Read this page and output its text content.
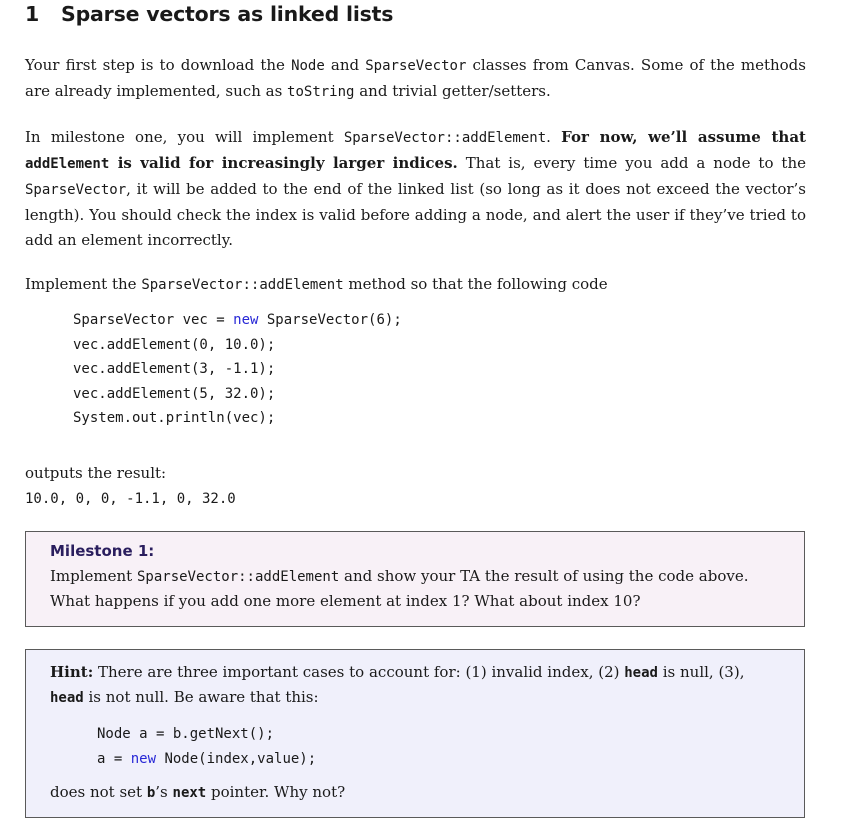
1 Sparse vectors as linked lists
Your first step is to download the Node and SparseVector classes from Canvas. Some of the methods are already implemented, such as toString and trivial getter/setters.
In milestone one, you will implement SparseVector::addElement. For now, we’ll assume that addElement is valid for increasingly larger indices. That is, every time you add a node to the SparseVector, it will be added to the end of the linked list (so long as it does not exceed the vector’s length). You should check the index is valid before adding a node, and alert the user if they’ve tried to add an element incorrectly.
Implement the SparseVector::addElement method so that the following code
SparseVector vec = new SparseVector(6);
vec.addElement(0, 10.0);
vec.addElement(3, -1.1);
vec.addElement(5, 32.0);
System.out.println(vec);
outputs the result:
10.0, 0, 0, -1.1, 0, 32.0
Milestone 1:
Implement SparseVector::addElement and show your TA the result of using the code above.
What happens if you add one more element at index 1? What about index 10?
Hint: There are three important cases to account for: (1) invalid index, (2) head is null, (3),
head is not null. Be aware that this:
Node a = b.getNext();
a = new Node(index,value);
does not set b’s next pointer. Why not?
